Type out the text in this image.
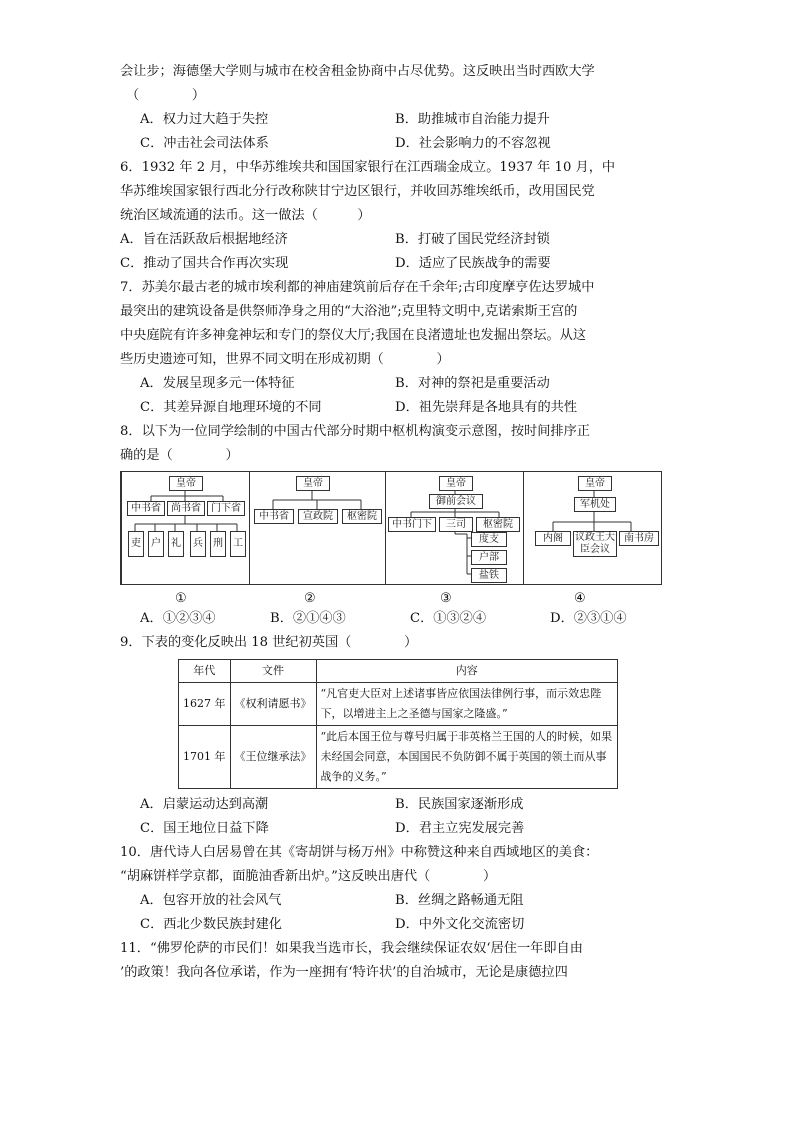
会让步；海德堡大学则与城市在校舍租金协商中占尽优势。这反映出当时西欧大学
（　　　　）
A．权力过大趋于失控	B．助推城市自治能力提升
C．冲击社会司法体系	D．社会影响力的不容忽视
6．1932 年 2 月，中华苏维埃共和国国家银行在江西瑞金成立。1937 年 10 月，中
华苏维埃国家银行西北分行改称陕甘宁边区银行，并收回苏维埃纸币，改用国民党
统治区域流通的法币。这一做法（　　　）
A．旨在活跃敌后根据地经济	B．打破了国民党经济封锁
C．推动了国共合作再次实现	D．适应了民族战争的需要
7．苏美尔最古老的城市埃利都的神庙建筑前后存在千余年;古印度摩亨佐达罗城中
最突出的建筑设备是供祭师净身之用的“大浴池”;克里特文明中,克诺索斯王宫的
中央庭院有许多神龛神坛和专门的祭仪大厅;我国在良渚遗址也发掘出祭坛。从这
些历史遗迹可知，世界不同文明在形成初期（　　　　）
A．发展呈现多元一体特征	B．对神的祭祀是重要活动
C．其差异源自地理环境的不同	D．祖先崇拜是各地具有的共性
8．以下为一位同学绘制的中国古代部分时期中枢机构演变示意图，按时间排序正
确的是（　　　　）
皇帝
中书省	尚书省	门下省
吏	户	礼	兵	刑	工
皇帝
中书省	宣政院	枢密院
皇帝
御前会议
中书门下	三司	枢密院
度支
户部
盐铁
皇帝
军机处
内阁	议政王大臣会议
南书房
①	②	③	④
A．①②③④	B．②①④③	C．①③②④	D．②③①④
9．下表的变化反映出 18 世纪初英国（　　　　）
年代	文件	内容
1627 年	《权利请愿书》	“凡官吏大臣对上述诸事皆应依国法律例行事，而示效忠陛下，以增进主上之圣德与国家之隆盛。”
1701 年	《王位继承法》	“此后本国王位与尊号归属于非英格兰王国的人的时候，如果未经国会同意，本国国民不负防御不属于英国的领土而从事战争的义务。”
A．启蒙运动达到高潮	B．民族国家逐渐形成
C．国王地位日益下降	D．君主立宪发展完善
10．唐代诗人白居易曾在其《寄胡饼与杨万州》中称赞这种来自西域地区的美食：
“胡麻饼样学京都，面脆油香新出炉。”这反映出唐代（　　　　）
A．包容开放的社会风气	B．丝绸之路畅通无阻
C．西北少数民族封建化	D．中外文化交流密切
11．“佛罗伦萨的市民们！如果我当选市长，我会继续保证农奴‘居住一年即自由
’的政策！我向各位承诺，作为一座拥有‘特许状’的自治城市，无论是康德拉四
